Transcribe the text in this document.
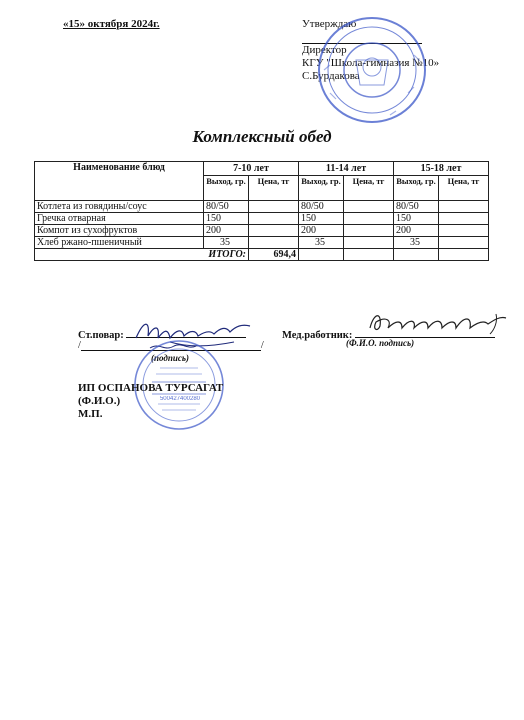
«15» октября 2024г.	Утверждаю
Директор
КГУ "Школа-гимназия №10»
С.Бурдакова
Комплексный обед
Наименование блюд	7-10 лет		11-14 лет		15-18 лет	
	Выход, гр.	Цена, тг	Выход, гр.	Цена, тг	Выход, гр.	Цена, тг
Котлета из говядины/соус	80/50		80/50		80/50	
Гречка отварная	150		150		150	
Компот из сухофруктов	200		200		200	
Хлеб ржано-пшеничный	35		35		35	
ИТОГО:		694,4				
Ст.повар:
/	/
(подпись)
Мед.работник:
(Ф.И.О. подпись)
500427400280
ИП ОСПАНОВА ТУРСАГАТ
(Ф.И.О.)
М.П.
